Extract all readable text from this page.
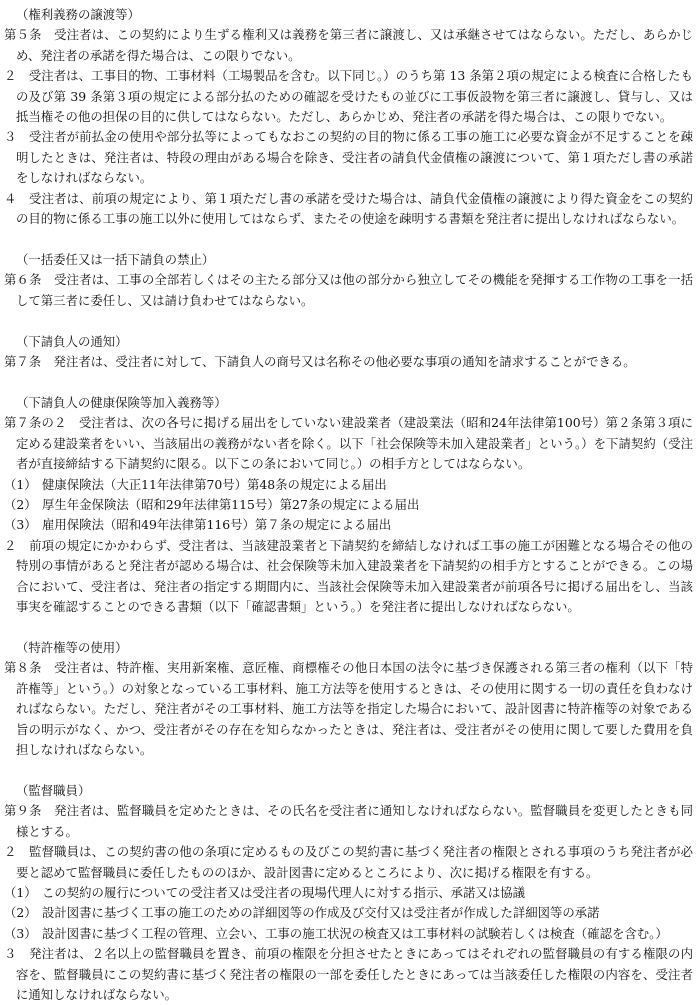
（権利義務の譲渡等）
第５条　受注者は、この契約により生ずる権利又は義務を第三者に譲渡し、又は承継させてはならない。ただし、あらかじめ、発注者の承諾を得た場合は、この限りでない。
２　受注者は、工事目的物、工事材料（工場製品を含む。以下同じ。）のうち第 13 条第２項の規定による検査に合格したもの及び第 39 条第３項の規定による部分払のための確認を受けたもの並びに工事仮設物を第三者に譲渡し、貸与し、又は抵当権その他の担保の目的に供してはならない。ただし、あらかじめ、発注者の承諾を得た場合は、この限りでない。
３　受注者が前払金の使用や部分払等によってもなおこの契約の目的物に係る工事の施工に必要な資金が不足することを疎明したときは、発注者は、特段の理由がある場合を除き、受注者の請負代金債権の譲渡について、第１項ただし書の承諾をしなければならない。
４　受注者は、前項の規定により、第１項ただし書の承諾を受けた場合は、請負代金債権の譲渡により得た資金をこの契約の目的物に係る工事の施工以外に使用してはならず、またその使途を疎明する書類を発注者に提出しなければならない。
（一括委任又は一括下請負の禁止）
第６条　受注者は、工事の全部若しくはその主たる部分又は他の部分から独立してその機能を発揮する工作物の工事を一括して第三者に委任し、又は請け負わせてはならない。
（下請負人の通知）
第７条　発注者は、受注者に対して、下請負人の商号又は名称その他必要な事項の通知を請求することができる。
（下請負人の健康保険等加入義務等）
第７条の２　受注者は、次の各号に掲げる届出をしていない建設業者（建設業法（昭和24年法律第100号）第２条第３項に定める建設業者をいい、当該届出の義務がない者を除く。以下「社会保険等未加入建設業者」という。）を下請契約（受注者が直接締結する下請契約に限る。以下この条において同じ。）の相手方としてはならない。
（1） 健康保険法（大正11年法律第70号）第48条の規定による届出
（2） 厚生年金保険法（昭和29年法律第115号）第27条の規定による届出
（3） 雇用保険法（昭和49年法律第116号）第７条の規定による届出
２　前項の規定にかかわらず、受注者は、当該建設業者と下請契約を締結しなければ工事の施工が困難となる場合その他の特別の事情があると発注者が認める場合は、社会保険等未加入建設業者を下請契約の相手方とすることができる。この場合において、受注者は、発注者の指定する期間内に、当該社会保険等未加入建設業者が前項各号に掲げる届出をし、当該事実を確認することのできる書類（以下「確認書類」という。）を発注者に提出しなければならない。
（特許権等の使用）
第８条　受注者は、特許権、実用新案権、意匠権、商標権その他日本国の法令に基づき保護される第三者の権利（以下「特許権等」という。）の対象となっている工事材料、施工方法等を使用するときは、その使用に関する一切の責任を負わなければならない。ただし、発注者がその工事材料、施工方法等を指定した場合において、設計図書に特許権等の対象である旨の明示がなく、かつ、受注者がその存在を知らなかったときは、発注者は、受注者がその使用に関して要した費用を負担しなければならない。
（監督職員）
第９条　発注者は、監督職員を定めたときは、その氏名を受注者に通知しなければならない。監督職員を変更したときも同様とする。
２　監督職員は、この契約書の他の条項に定めるもの及びこの契約書に基づく発注者の権限とされる事項のうち発注者が必要と認めて監督職員に委任したもののほか、設計図書に定めるところにより、次に掲げる権限を有する。
（1） この契約の履行についての受注者又は受注者の現場代理人に対する指示、承諾又は協議
（2） 設計図書に基づく工事の施工のための詳細図等の作成及び交付又は受注者が作成した詳細図等の承諾
（3） 設計図書に基づく工程の管理、立会い、工事の施工状況の検査又は工事材料の試験若しくは検査（確認を含む。）
３　発注者は、２名以上の監督職員を置き、前項の権限を分担させたときにあってはそれぞれの監督職員の有する権限の内容を、監督職員にこの契約書に基づく発注者の権限の一部を委任したときにあっては当該委任した権限の内容を、受注者に通知しなければならない。
